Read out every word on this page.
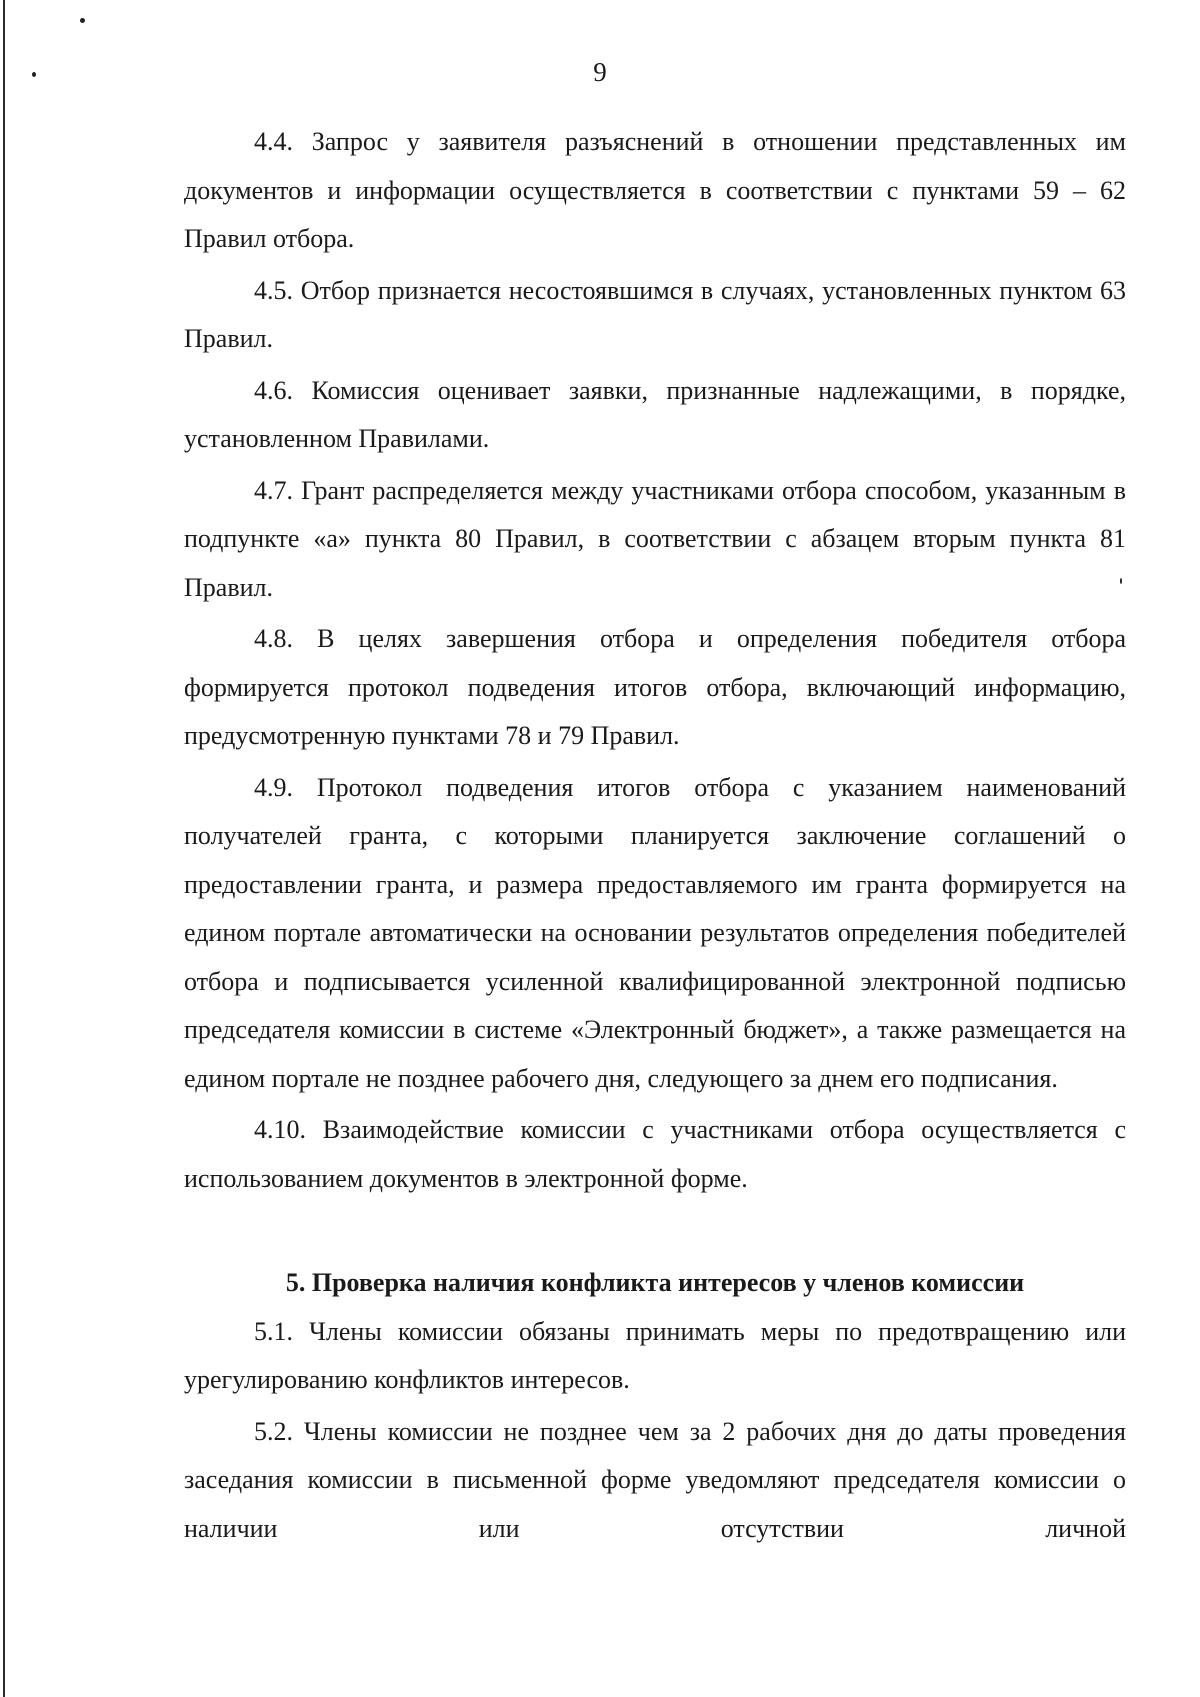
9

4.4. Запрос у заявителя разъяснений в отношении представленных им документов и информации осуществляется в соответствии с пунктами 59 – 62 Правил отбора.

4.5. Отбор признается несостоявшимся в случаях, установленных пунктом 63 Правил.

4.6. Комиссия оценивает заявки, признанные надлежащими, в порядке, установленном Правилами.

4.7. Грант распределяется между участниками отбора способом, указанным в подпункте «а» пункта 80 Правил, в соответствии с абзацем вторым пункта 81 Правил.

4.8. В целях завершения отбора и определения победителя отбора формируется протокол подведения итогов отбора, включающий информацию, предусмотренную пунктами 78 и 79 Правил.

4.9. Протокол подведения итогов отбора с указанием наименований получателей гранта, с которыми планируется заключение соглашений о предоставлении гранта, и размера предоставляемого им гранта формируется на едином портале автоматически на основании результатов определения победителей отбора и подписывается усиленной квалифицированной электронной подписью председателя комиссии в системе «Электронный бюджет», а также размещается на едином портале не позднее рабочего дня, следующего за днем его подписания.

4.10. Взаимодействие комиссии с участниками отбора осуществляется с использованием документов в электронной форме.

5. Проверка наличия конфликта интересов у членов комиссии

5.1. Члены комиссии обязаны принимать меры по предотвращению или урегулированию конфликтов интересов.

5.2. Члены комиссии не позднее чем за 2 рабочих дня до даты проведения заседания комиссии в письменной форме уведомляют председателя комиссии о наличии или отсутствии личной
